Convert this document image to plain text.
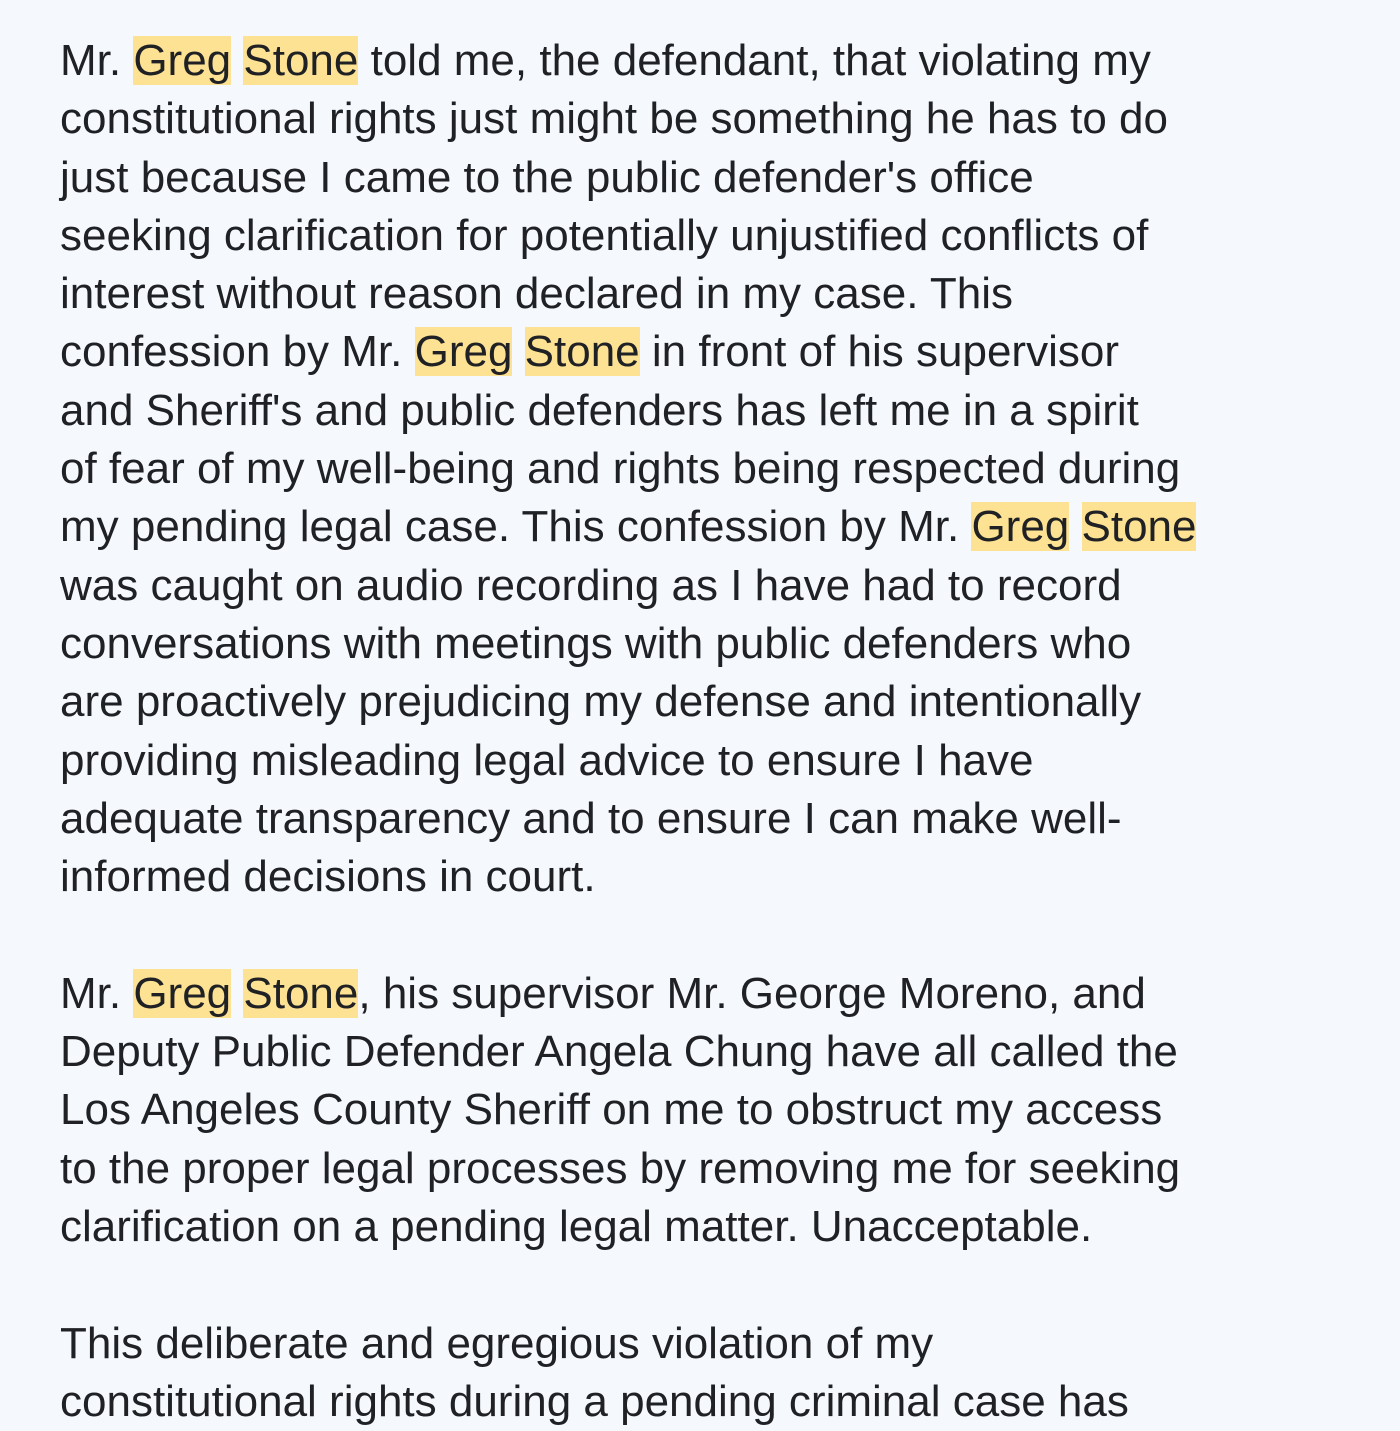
Mr. Greg Stone told me, the defendant, that violating my
constitutional rights just might be something he has to do
just because I came to the public defender's office
seeking clarification for potentially unjustified conflicts of
interest without reason declared in my case. This
confession by Mr. Greg Stone in front of his supervisor
and Sheriff's and public defenders has left me in a spirit
of fear of my well-being and rights being respected during
my pending legal case. This confession by Mr. Greg Stone
was caught on audio recording as I have had to record
conversations with meetings with public defenders who
are proactively prejudicing my defense and intentionally
providing misleading legal advice to ensure I have
adequate transparency and to ensure I can make well-
informed decisions in court.
Mr. Greg Stone, his supervisor Mr. George Moreno, and
Deputy Public Defender Angela Chung have all called the
Los Angeles County Sheriff on me to obstruct my access
to the proper legal processes by removing me for seeking
clarification on a pending legal matter. Unacceptable.
This deliberate and egregious violation of my
constitutional rights during a pending criminal case has
